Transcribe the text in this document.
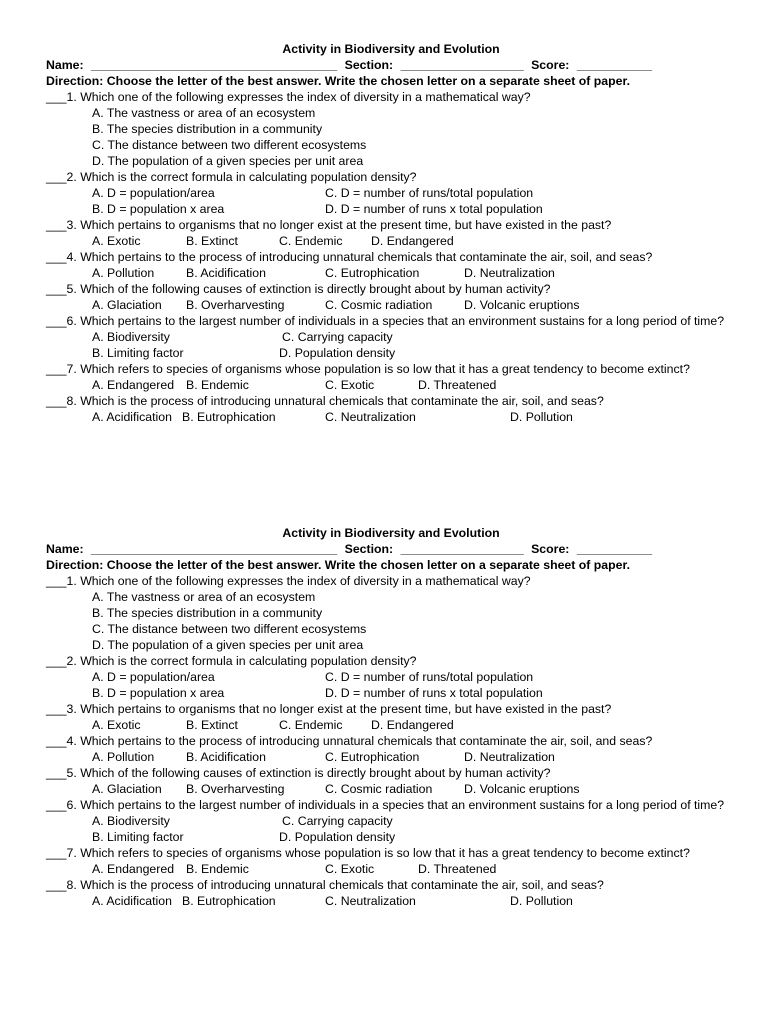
Activity in Biodiversity and Evolution
Name: ____________________________________ Section: __________________ Score: ___________
Direction: Choose the letter of the best answer. Write the chosen letter on a separate sheet of paper.
___1. Which one of the following expresses the index of diversity in a mathematical way?
A. The vastness or area of an ecosystem
B. The species distribution in a community
C. The distance between two different ecosystems
D. The population of a given species per unit area
___2. Which is the correct formula in calculating population density?
A. D = population/area	C. D = number of runs/total population
B. D = population x area	D. D = number of runs x total population
___3. Which pertains to organisms that no longer exist at the present time, but have existed in the past?
A. Exotic	B. Extinct	C. Endemic D. Endangered
___4. Which pertains to the process of introducing unnatural chemicals that contaminate the air, soil, and seas?
A. Pollution	B. Acidification	C. Eutrophication	D. Neutralization
___5. Which of the following causes of extinction is directly brought about by human activity?
A. Glaciation B. Overharvesting	C. Cosmic radiation	D. Volcanic eruptions
___6. Which pertains to the largest number of individuals in a species that an environment sustains for a long period of time?
A. Biodiversity	C. Carrying capacity
B. Limiting factor	D. Population density
___7. Which refers to species of organisms whose population is so low that it has a great tendency to become extinct?
A. Endangered B. Endemic	C. Exotic	D. Threatened
___8. Which is the process of introducing unnatural chemicals that contaminate the air, soil, and seas?
A. Acidification B. Eutrophication	C. Neutralization	D. Pollution
Activity in Biodiversity and Evolution
Name: ____________________________________ Section: __________________ Score: ___________
Direction: Choose the letter of the best answer. Write the chosen letter on a separate sheet of paper.
___1. Which one of the following expresses the index of diversity in a mathematical way?
A. The vastness or area of an ecosystem
B. The species distribution in a community
C. The distance between two different ecosystems
D. The population of a given species per unit area
___2. Which is the correct formula in calculating population density?
A. D = population/area	C. D = number of runs/total population
B. D = population x area	D. D = number of runs x total population
___3. Which pertains to organisms that no longer exist at the present time, but have existed in the past?
A. Exotic	B. Extinct	C. Endemic D. Endangered
___4. Which pertains to the process of introducing unnatural chemicals that contaminate the air, soil, and seas?
A. Pollution	B. Acidification	C. Eutrophication	D. Neutralization
___5. Which of the following causes of extinction is directly brought about by human activity?
A. Glaciation B. Overharvesting	C. Cosmic radiation	D. Volcanic eruptions
___6. Which pertains to the largest number of individuals in a species that an environment sustains for a long period of time?
A. Biodiversity	C. Carrying capacity
B. Limiting factor	D. Population density
___7. Which refers to species of organisms whose population is so low that it has a great tendency to become extinct?
A. Endangered B. Endemic	C. Exotic	D. Threatened
___8. Which is the process of introducing unnatural chemicals that contaminate the air, soil, and seas?
A. Acidification B. Eutrophication	C. Neutralization	D. Pollution
